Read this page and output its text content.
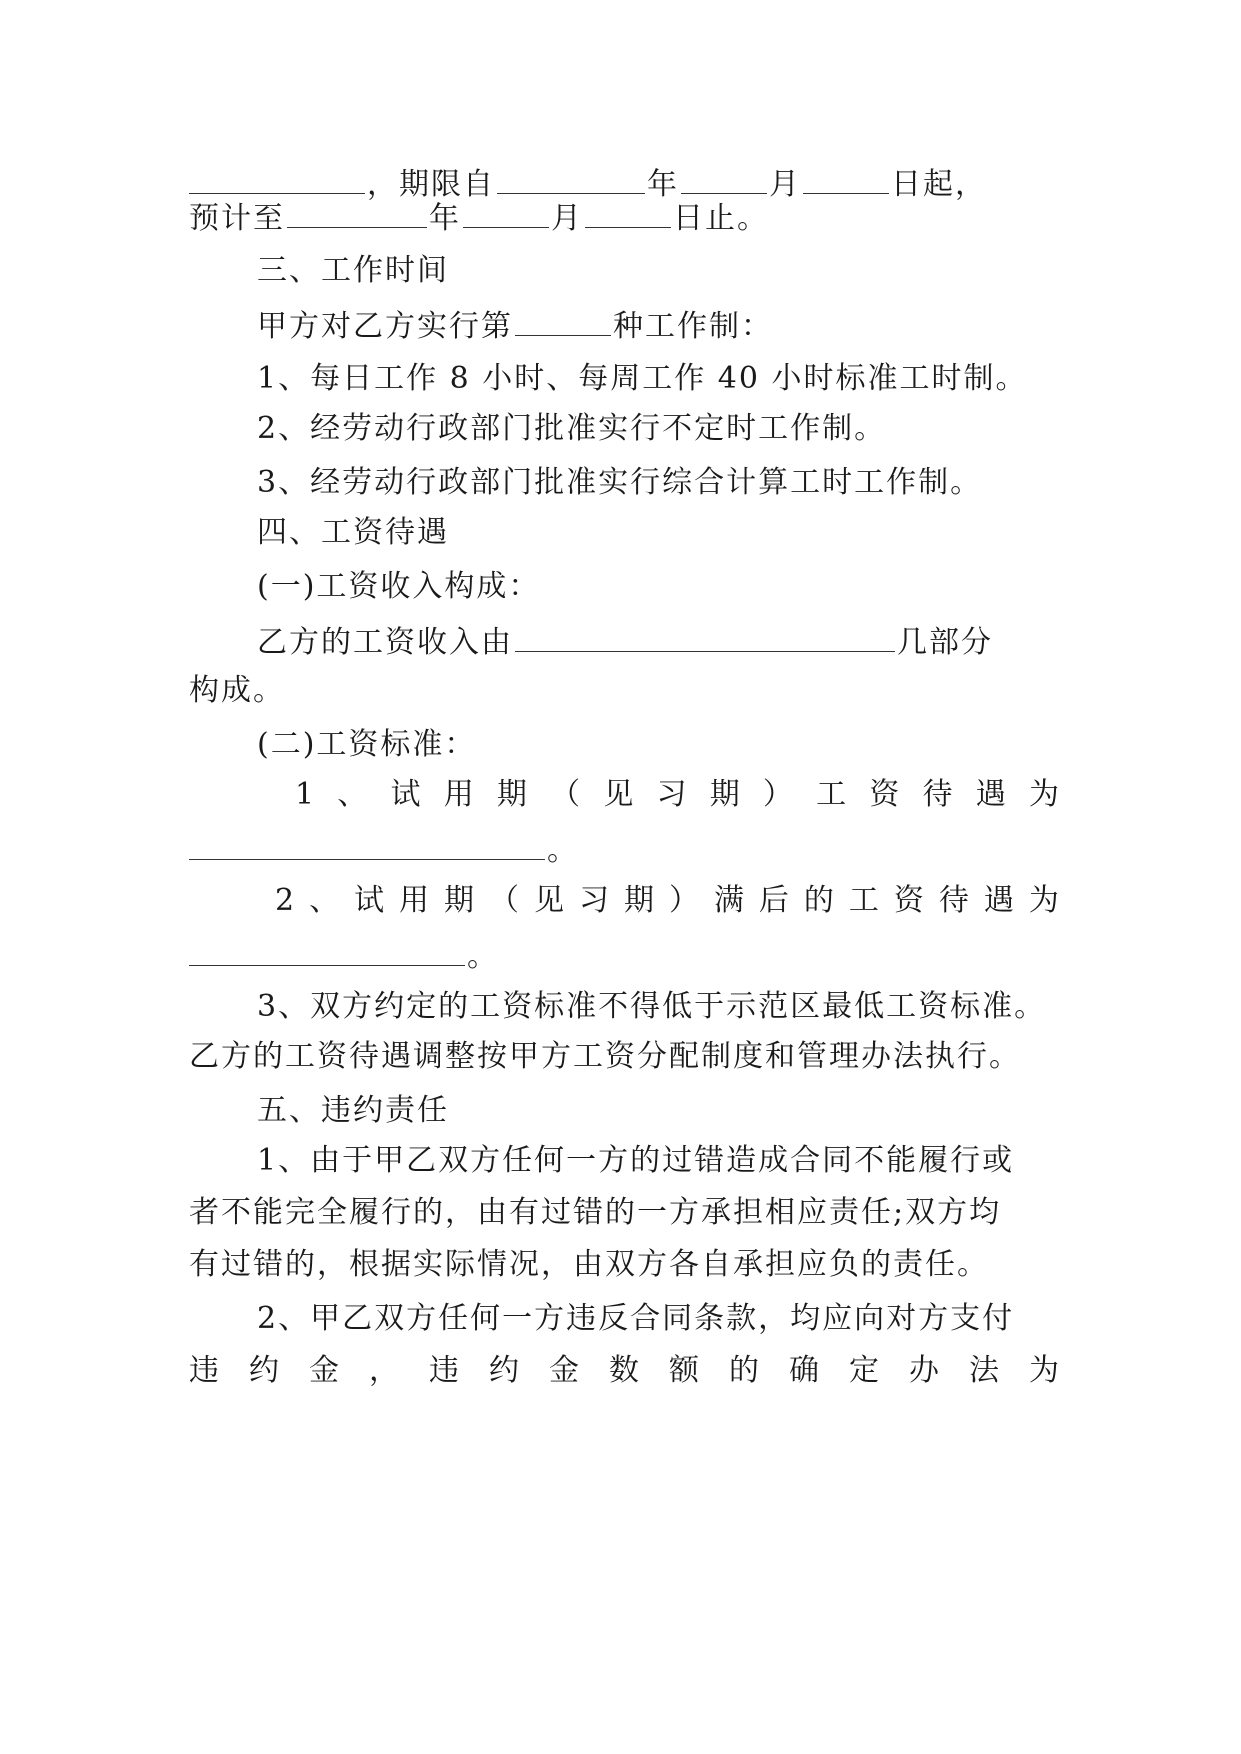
，期限自	年	月	日起，
预计至	年	月	日止。
三、工作时间
甲方对乙方实行第	种工作制：
1、每日工作 8 小时、每周工作 40 小时标准工时制。
2、经劳动行政部门批准实行不定时工作制。
3、经劳动行政部门批准实行综合计算工时工作制。
四、工资待遇
(一)工资收入构成：
乙方的工资收入由	几部分
构成。
(二)工资标准：
1 、 试 用 期 （ 见 习 期 ） 工 资 待 遇 为
。
2 、 试 用 期 （ 见 习 期 ） 满 后 的 工 资 待 遇 为
。
3、双方约定的工资标准不得低于示范区最低工资标准。
乙方的工资待遇调整按甲方工资分配制度和管理办法执行。
五、违约责任
1、由于甲乙双方任何一方的过错造成合同不能履行或
者不能完全履行的，由有过错的一方承担相应责任;双方均
有过错的，根据实际情况，由双方各自承担应负的责任。
2、甲乙双方任何一方违反合同条款，均应向对方支付
违 约 金 ， 违 约 金 数 额 的 确 定 办 法 为
